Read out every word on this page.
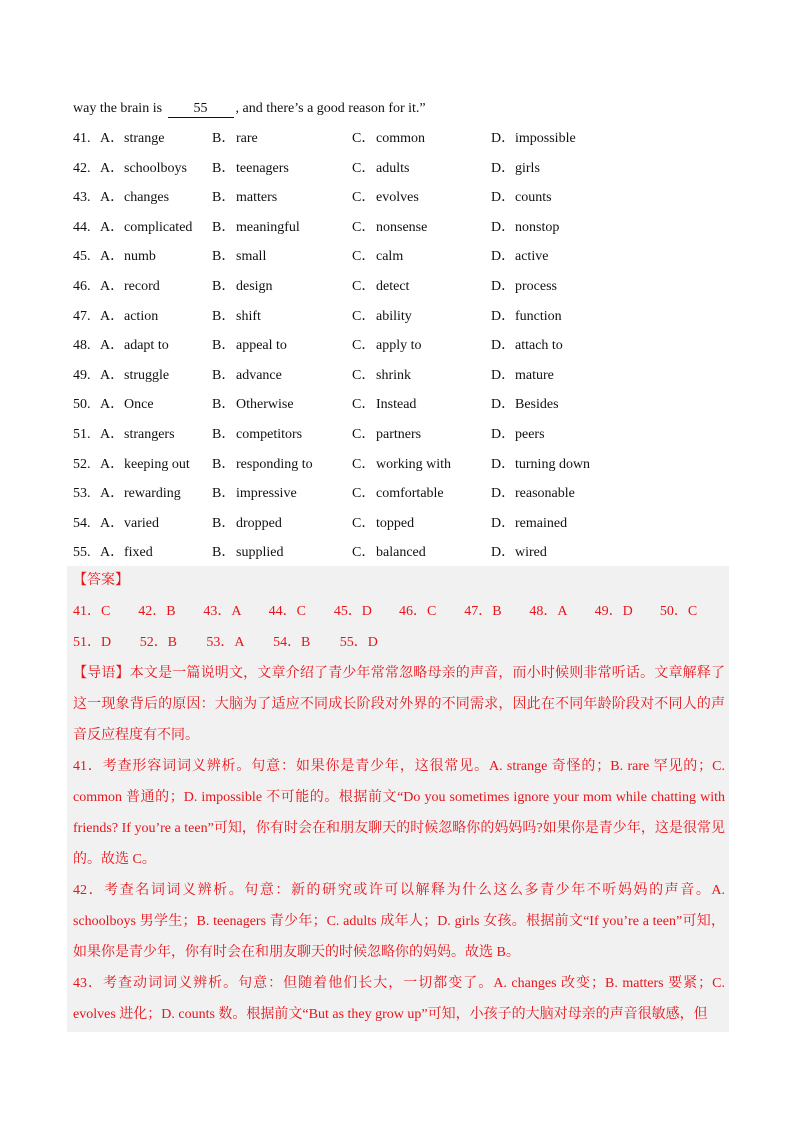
way the brain is 55 , and there’s a good reason for it.”
41. A．strange	B．rare	C．common	D．impossible
42. A．schoolboys	B．teenagers	C．adults	D．girls
43. A．changes	B．matters	C．evolves	D．counts
44. A．complicated	B．meaningful	C．nonsense	D．nonstop
45. A．numb	B．small	C．calm	D．active
46. A．record	B．design	C．detect	D．process
47. A．action	B．shift	C．ability	D．function
48. A．adapt to	B．appeal to	C．apply to	D．attach to
49. A．struggle	B．advance	C．shrink	D．mature
50. A．Once	B．Otherwise	C．Instead	D．Besides
51. A．strangers	B．competitors	C．partners	D．peers
52. A．keeping out	B．responding to	C．working with	D．turning down
53. A．rewarding	B．impressive	C．comfortable	D．reasonable
54. A．varied	B．dropped	C．topped	D．remained
55. A．fixed	B．supplied	C．balanced	D．wired
【答案】
41．C	42．B	43．A	44．C	45．D	46．C	47．B	48．A	49．D	50．C
51．D	52．B	53．A	54．B	55．D
【导语】本文是一篇说明文，文章介绍了青少年常常忽略母亲的声音，而小时候则非常听话。文章解释了这一现象背后的原因：大脑为了适应不同成长阶段对外界的不同需求，因此在不同年龄阶段对不同人的声音反应程度有不同。
41．考查形容词词义辨析。句意：如果你是青少年，这很常见。A. strange 奇怪的；B. rare 罕见的；C. common 普通的；D. impossible 不可能的。根据前文“Do you sometimes ignore your mom while chatting with friends? If you’re a teen”可知，你有时会在和朋友聊天的时候忽略你的妈妈吗?如果你是青少年，这是很常见的。故选 C。
42．考查名词词义辨析。句意：新的研究或许可以解释为什么这么多青少年不听妈妈的声音。A. schoolboys 男学生；B. teenagers 青少年；C. adults 成年人；D. girls 女孩。根据前文“If you’re a teen”可知，如果你是青少年，你有时会在和朋友聊天的时候忽略你的妈妈。故选 B。
43．考查动词词义辨析。句意：但随着他们长大，一切都变了。A. changes 改变；B. matters 要紧；C. evolves 进化；D. counts 数。根据前文“But as they grow up”可知，小孩子的大脑对母亲的声音很敏感，但
